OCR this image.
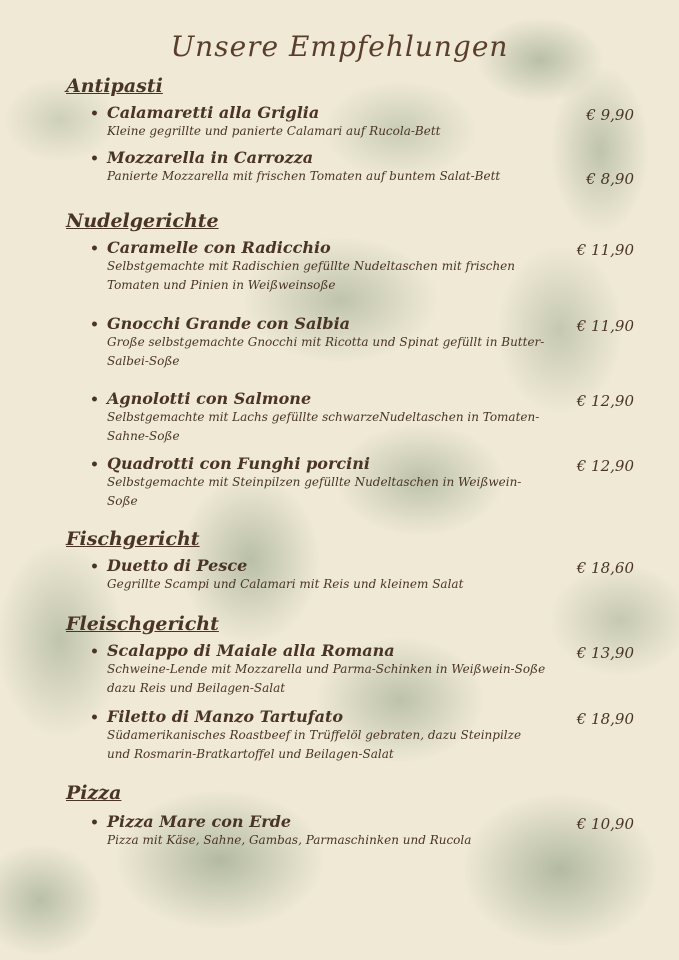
Unsere Empfehlungen
Antipasti
• Calamaretti alla Griglia
Kleine gegrillte und panierte Calamari auf Rucola-Bett
€ 9,90
• Mozzarella in Carrozza
Panierte Mozzarella mit frischen Tomaten auf buntem Salat-Bett	€ 8,90
Nudelgerichte
• Caramelle con Radicchio
Selbstgemachte mit Radischien gefüllte Nudeltaschen mit frischen Tomaten und Pinien in Weißweinsoße
€ 11,90
• Gnocchi Grande con Salbia
Große selbstgemachte Gnocchi mit Ricotta und Spinat gefüllt in Butter-Salbei-Soße
€ 11,90
• Agnolotti con Salmone
Selbstgemachte mit Lachs gefüllte schwarzeNudeltaschen in Tomaten-Sahne-Soße
€ 12,90
• Quadrotti con Funghi porcini
Selbstgemachte mit Steinpilzen gefüllte Nudeltaschen in Weißwein-Soße
€ 12,90
Fischgericht
• Duetto di Pesce
Gegrillte Scampi und Calamari mit Reis und kleinem Salat
€ 18,60
Fleischgericht
• Scalappo di Maiale alla Romana
Schweine-Lende mit Mozzarella und Parma-Schinken in Weißwein-Soße dazu Reis und Beilagen-Salat
€ 13,90
• Filetto di Manzo Tartufato
Südamerikanisches Roastbeef in Trüffelöl gebraten, dazu Steinpilze und Rosmarin-Bratkartoffel und Beilagen-Salat
€ 18,90
Pizza
• Pizza Mare con Erde
Pizza mit Käse, Sahne, Gambas, Parmaschinken und Rucola
€ 10,90
